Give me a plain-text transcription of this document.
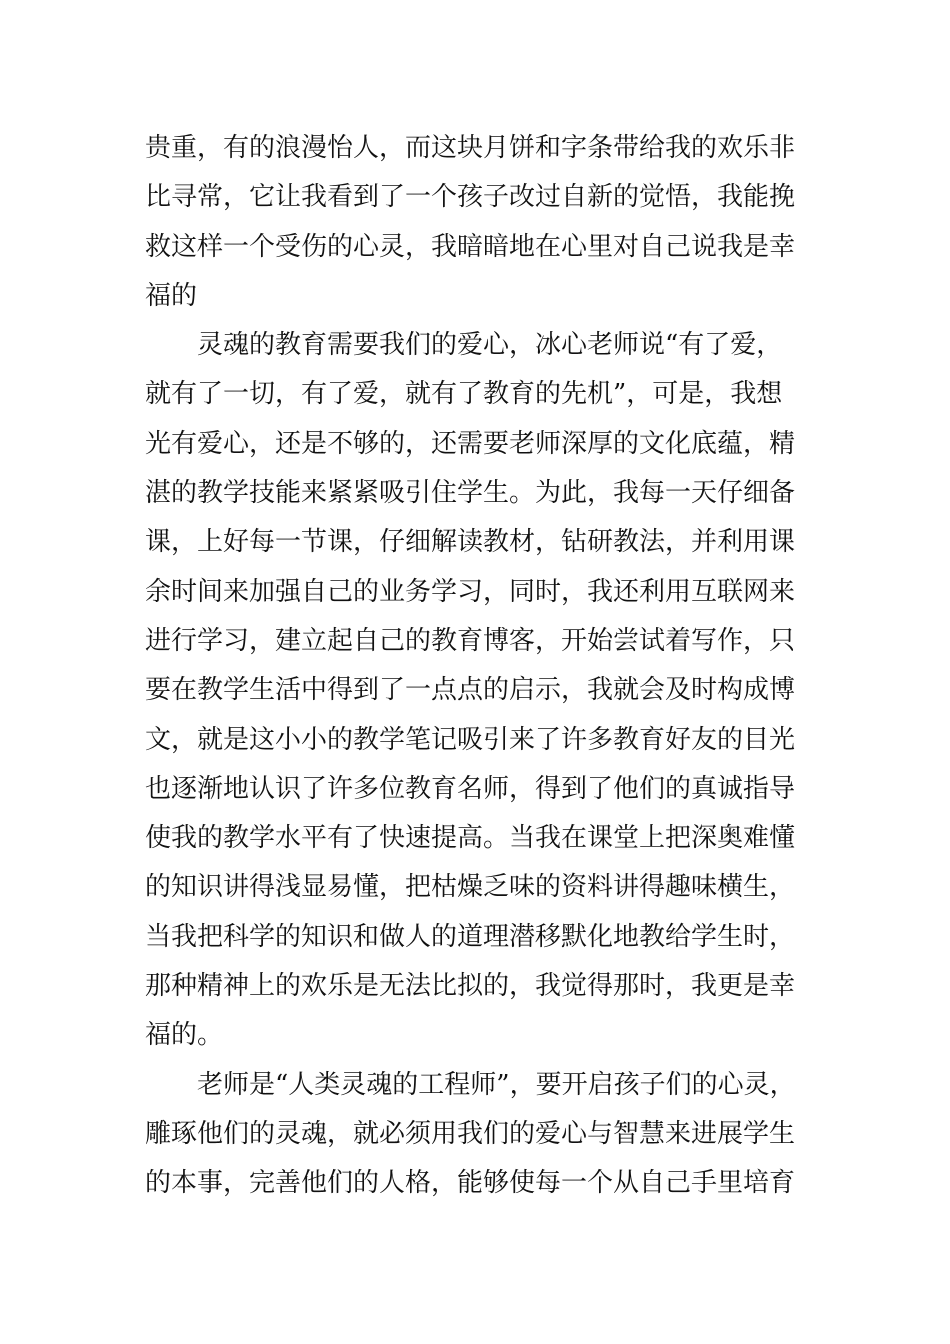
贵重，有的浪漫怡人，而这块月饼和字条带给我的欢乐非
比寻常，它让我看到了一个孩子改过自新的觉悟，我能挽
救这样一个受伤的心灵，我暗暗地在心里对自己说我是幸
福的
　　灵魂的教育需要我们的爱心，冰心老师说“有了爱，
就有了一切，有了爱，就有了教育的先机”，可是，我想
光有爱心，还是不够的，还需要老师深厚的文化底蕴，精
湛的教学技能来紧紧吸引住学生。为此，我每一天仔细备
课，上好每一节课，仔细解读教材，钻研教法，并利用课
余时间来加强自己的业务学习，同时，我还利用互联网来
进行学习，建立起自己的教育博客，开始尝试着写作，只
要在教学生活中得到了一点点的启示，我就会及时构成博
文，就是这小小的教学笔记吸引来了许多教育好友的目光
也逐渐地认识了许多位教育名师，得到了他们的真诚指导
使我的教学水平有了快速提高。当我在课堂上把深奥难懂
的知识讲得浅显易懂，把枯燥乏味的资料讲得趣味横生，
当我把科学的知识和做人的道理潜移默化地教给学生时，
那种精神上的欢乐是无法比拟的，我觉得那时，我更是幸
福的。
　　老师是“人类灵魂的工程师”，要开启孩子们的心灵，
雕琢他们的灵魂，就必须用我们的爱心与智慧来进展学生
的本事，完善他们的人格，能够使每一个从自己手里培育
